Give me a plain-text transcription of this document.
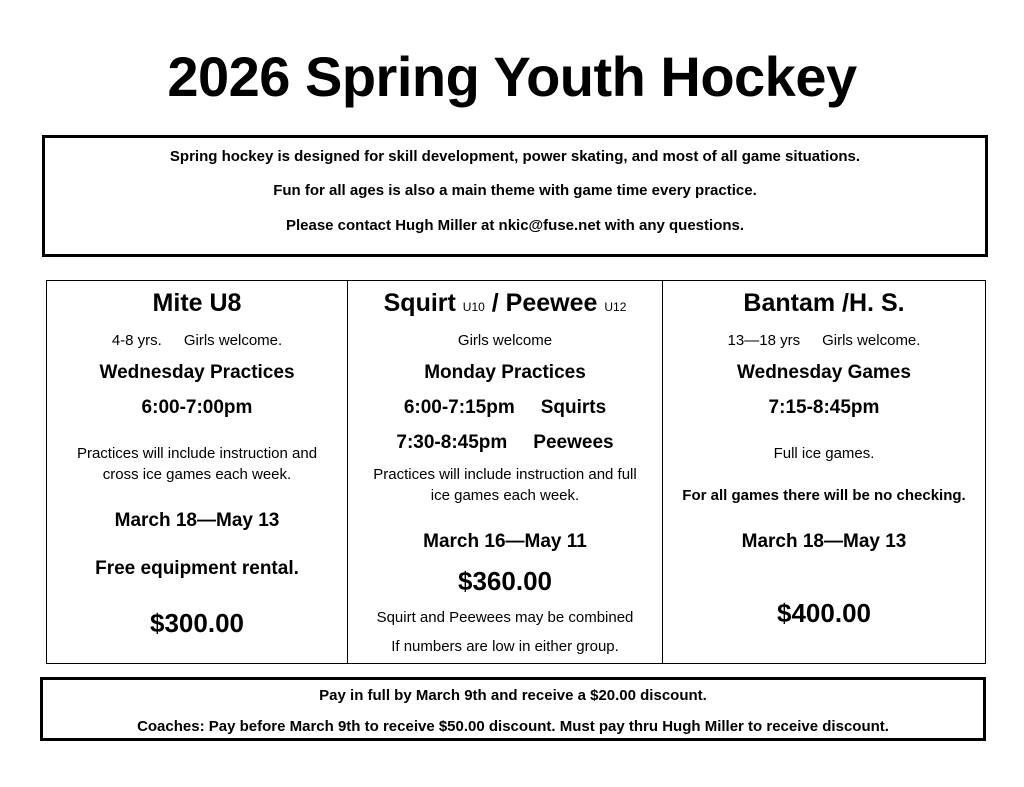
2026 Spring Youth Hockey
Spring hockey is designed for skill development, power skating, and most of all game situations.
Fun for all ages is also a main theme with game time every practice.
Please contact Hugh Miller at nkic@fuse.net with any questions.
Mite U8
4-8 yrs. Girls welcome.
Wednesday Practices
6:00-7:00pm
Practices will include instruction and
cross ice games each week.
March 18—May 13
Free equipment rental.
$300.00
Squirt U10 / Peewee U12
Girls welcome
Monday Practices
6:00-7:15pm Squirts
7:30-8:45pm Peewees
Practices will include instruction and full
ice games each week.
March 16—May 11
$360.00
Squirt and Peewees may be combined
If numbers are low in either group.
Bantam /H. S.
13—18 yrs Girls welcome.
Wednesday Games
7:15-8:45pm
Full ice games.
For all games there will be no checking.
March 18—May 13
$400.00
Pay in full by March 9th and receive a $20.00 discount.
Coaches: Pay before March 9th to receive $50.00 discount. Must pay thru Hugh Miller to receive discount.
